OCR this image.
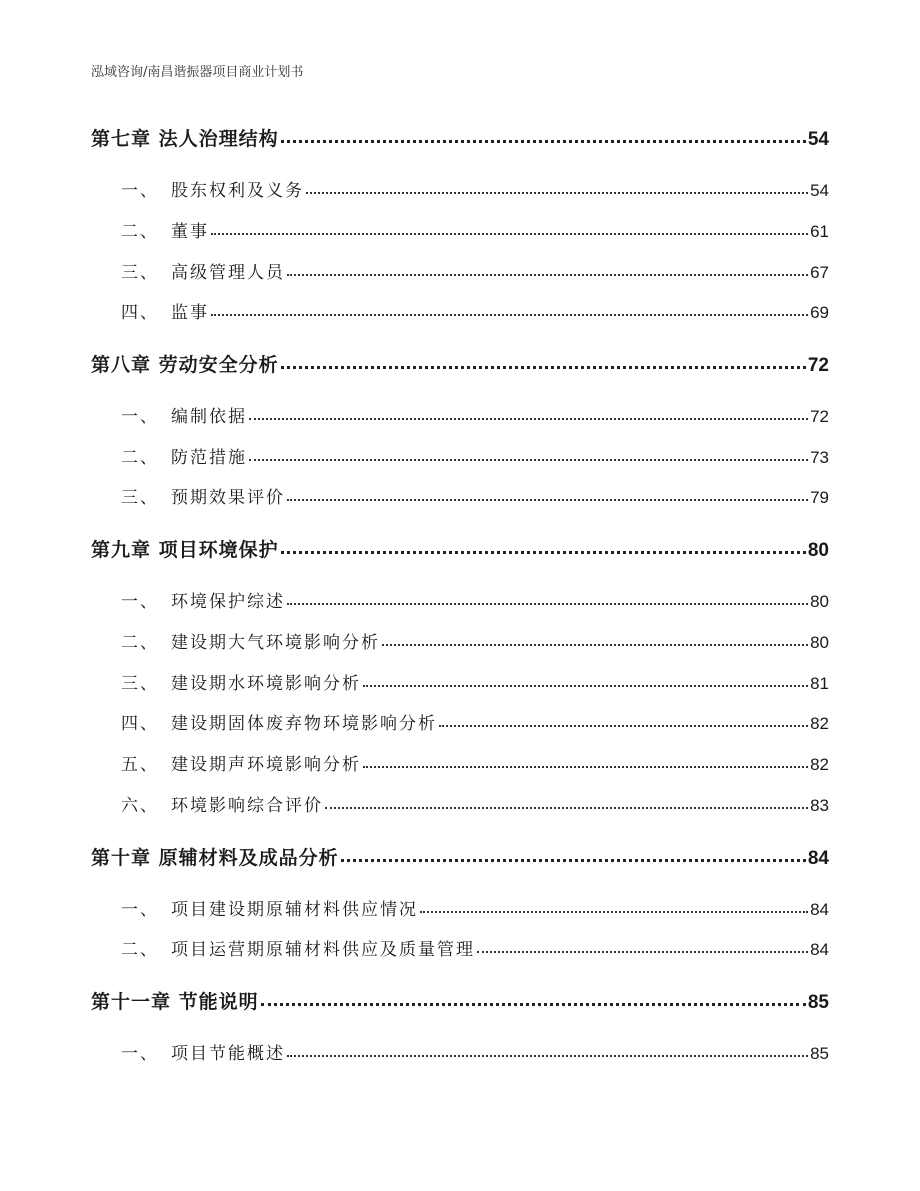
泓域咨询/南昌谐振器项目商业计划书
第七章 法人治理结构	54
一、 股东权利及义务	54
二、 董事	61
三、 高级管理人员	67
四、 监事	69
第八章 劳动安全分析	72
一、 编制依据	72
二、 防范措施	73
三、 预期效果评价	79
第九章 项目环境保护	80
一、 环境保护综述	80
二、 建设期大气环境影响分析	80
三、 建设期水环境影响分析	81
四、 建设期固体废弃物环境影响分析	82
五、 建设期声环境影响分析	82
六、 环境影响综合评价	83
第十章 原辅材料及成品分析	84
一、 项目建设期原辅材料供应情况	84
二、 项目运营期原辅材料供应及质量管理	84
第十一章 节能说明	85
一、 项目节能概述	85
